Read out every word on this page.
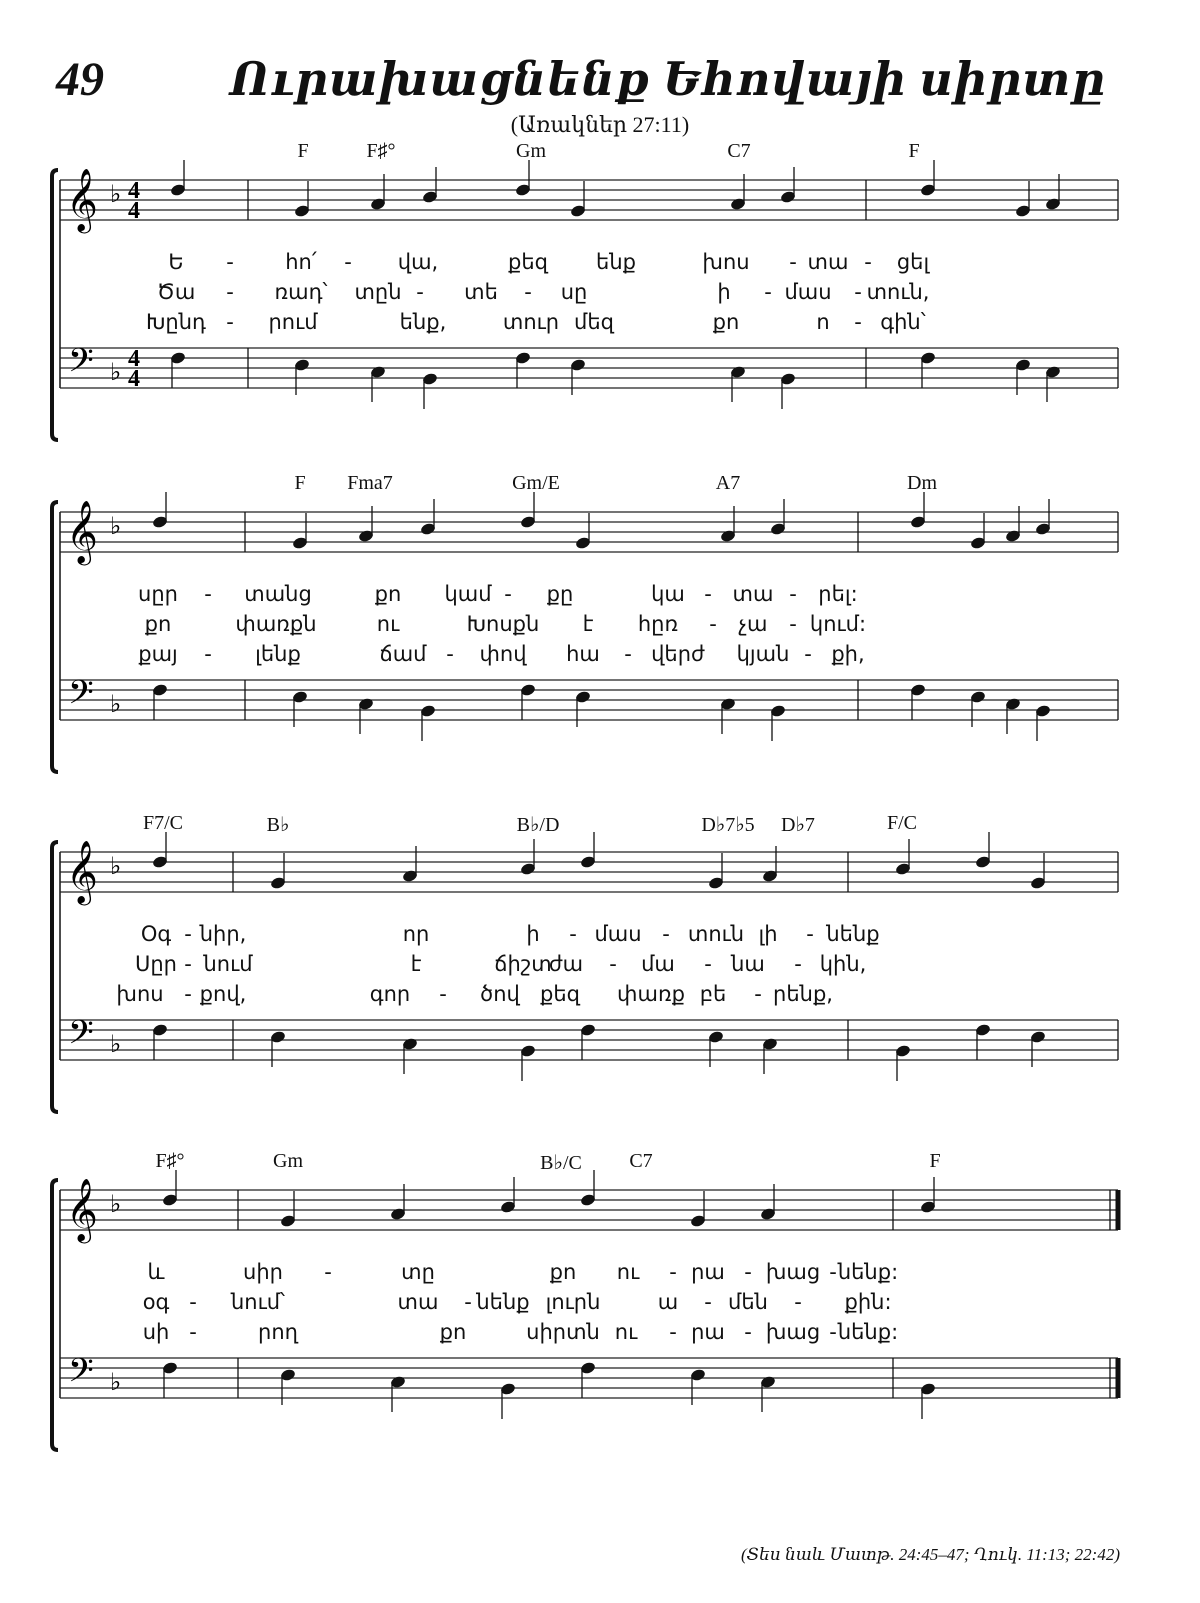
49	Ուրախացնենք Եհովայի սիրտը
(Առակներ 27:11)
𝄞
𝄢
♭
♭
4
4
4
4
F	F♯°	Gm	C7	F
Ե - հո՛ - վա,	քեզ ենք	խոս - տա - ցել
Ծա - ռադ՝ տըն - տե - սը	ի - մաս - տուն,
Խընդ - րում	ենք,	տուր մեզ	քո	ո - գին՝
𝄞
𝄢
♭
♭
F Fma7	Gm/E	A7	Dm
սըր - տանց	քո կամ - քը	կա - տա - րել:
քո	փառքն	ու	Խոսքն է հըռ - չա - կում:
քայ - լենք	ճամ - փով հա - վերժ կյան - քի,
𝄞
𝄢
♭
♭
F7/C	B♭	B♭/D	D♭7♭5 D♭7	F/C
Օգ - նիր,	որ	ի - մաս - տուն լի - նենք
Սըր - նում	է	ճիշտ
ժա - մա - նա - կին,
խոս - քով,	գոր - ծով քեզ փառք բե - րենք,
𝄞
𝄢
♭
♭
F♯°	Gm	B♭/C C7	F
և	սիր -	տը	քո ու - րա - խաց - նենք:
օգ - նում՝	տա - նենք լուրն	ա - մեն - քին:
սի -	րող	քո	սիրտն ու - րա - խաց - նենք:
(Տես նաև Մատթ. 24:45–47; Ղուկ. 11:13; 22:42)
